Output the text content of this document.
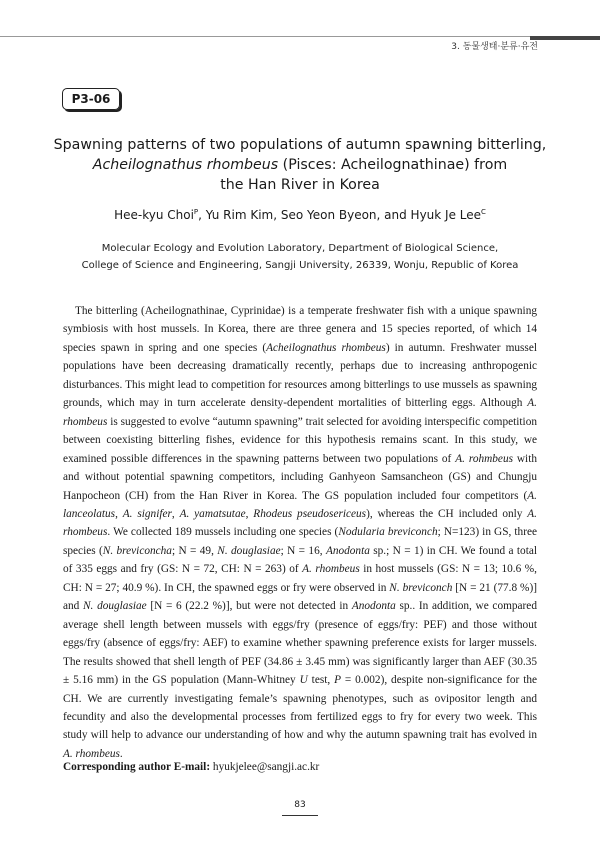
3. 동물생태·분류·유전
P3-06
Spawning patterns of two populations of autumn spawning bitterling,
Acheilognathus rhombeus (Pisces: Acheilognathinae) from
the Han River in Korea
Hee-kyu Choi$^P$, Yu Rim Kim, Seo Yeon Byeon, and Hyuk Je Lee$^C$
Molecular Ecology and Evolution Laboratory, Department of Biological Science,
College of Science and Engineering, Sangji University, 26339, Wonju, Republic of Korea

The bitterling (Acheilognathinae, Cyprinidae) is a temperate freshwater fish with a unique spawning symbiosis with host mussels. In Korea, there are three genera and 15 species reported, of which 14 species spawn in spring and one species (Acheilognathus rhombeus) in autumn. Freshwater mussel populations have been decreasing dramatically recently, perhaps due to increasing anthropogenic disturbances. This might lead to competition for resources among bitterlings to use mussels as spawning grounds, which may in turn accelerate density-dependent mortalities of bitterling eggs. Although A. rhombeus is suggested to evolve “autumn spawning” trait selected for avoiding interspecific competition between coexisting bitterling fishes, evidence for this hypothesis remains scant. In this study, we examined possible differences in the spawning patterns between two populations of A. rohmbeus with and without potential spawning competitors, including Ganhyeon Samsancheon (GS) and Chungju Hanpocheon (CH) from the Han River in Korea. The GS population included four competitors (A. lanceolatus, A. signifer, A. yamatsutae, Rhodeus pseudosericeus), whereas the CH included only A. rhombeus. We collected 189 mussels including one species (Nodularia breviconch; N=123) in GS, three species (N. breviconcha; N = 49, N. douglasiae; N = 16, Anodonta sp.; N = 1) in CH. We found a total of 335 eggs and fry (GS: N = 72, CH: N = 263) of A. rhombeus in host mussels (GS: N = 13; 10.6 %, CH: N = 27; 40.9 %). In CH, the spawned eggs or fry were observed in N. breviconch [N = 21 (77.8 %)] and N. douglasiae [N = 6 (22.2 %)], but were not detected in Anodonta sp.. In addition, we compared average shell length between mussels with eggs/fry (presence of eggs/fry: PEF) and those without eggs/fry (absence of eggs/fry: AEF) to examine whether spawning preference exists for larger mussels. The results showed that shell length of PEF (34.86 ± 3.45 mm) was significantly larger than AEF (30.35 ± 5.16 mm) in the GS population (Mann-Whitney U test, P = 0.002), despite non-significance for the CH. We are currently investigating female’s spawning phenotypes, such as ovipositor length and fecundity and also the developmental processes from fertilized eggs to fry for every two week. This study will help to advance our understanding of how and why the autumn spawning trait has evolved in A. rhombeus.

Corresponding author E-mail: hyukjelee@sangji.ac.kr
83
